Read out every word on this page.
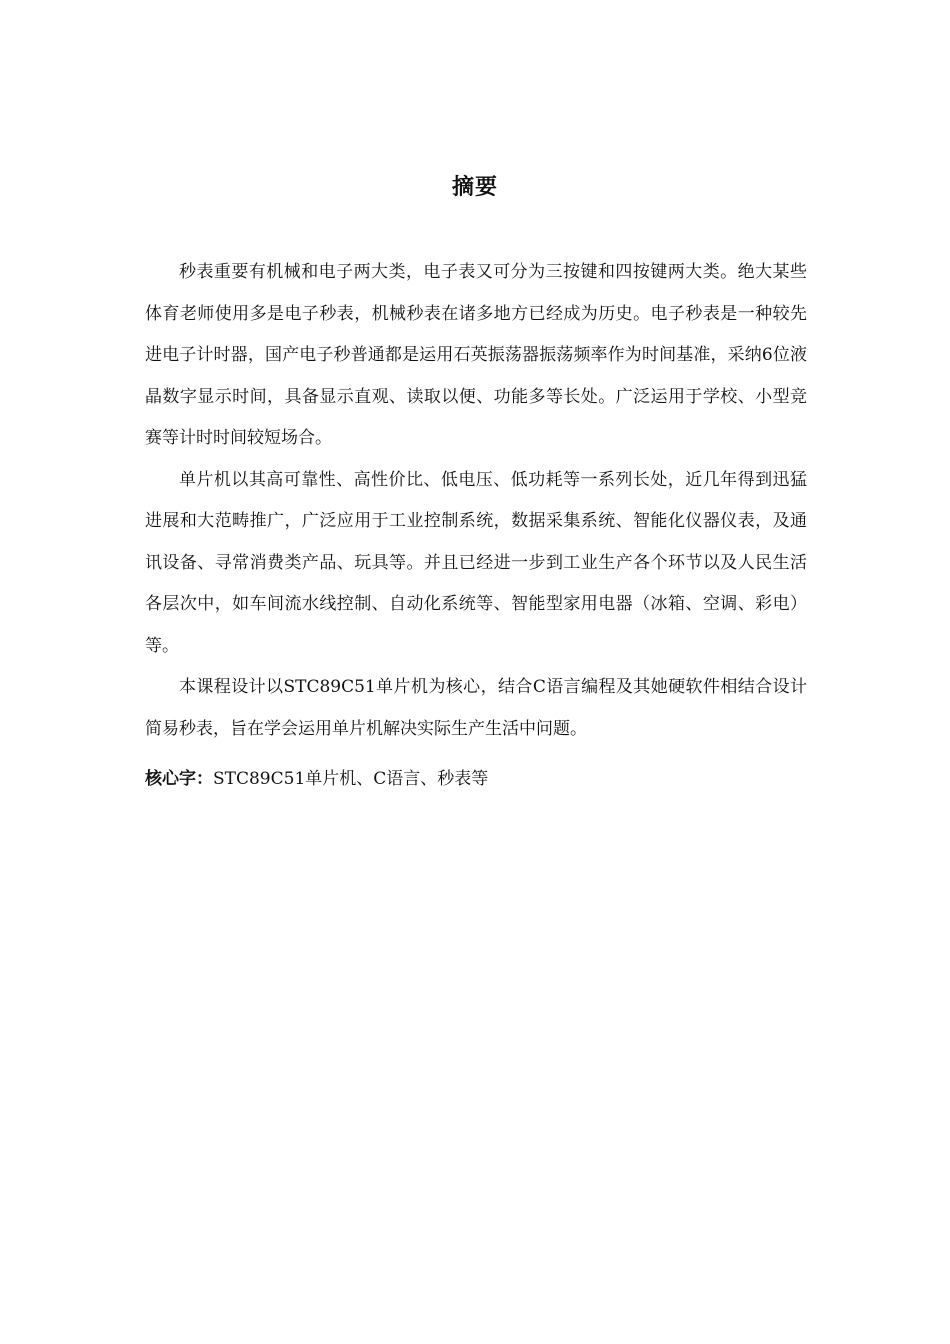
摘要

秒表重要有机械和电子两大类，电子表又可分为三按键和四按键两大类。绝大某些体育老师使用多是电子秒表，机械秒表在诸多地方已经成为历史。电子秒表是一种较先进电子计时器，国产电子秒普通都是运用石英振荡器振荡频率作为时间基准，采纳6位液晶数字显示时间，具备显示直观、读取以便、功能多等长处。广泛运用于学校、小型竞赛等计时时间较短场合。

单片机以其高可靠性、高性价比、低电压、低功耗等一系列长处，近几年得到迅猛进展和大范畴推广，广泛应用于工业控制系统，数据采集系统、智能化仪器仪表，及通讯设备、寻常消费类产品、玩具等。并且已经进一步到工业生产各个环节以及人民生活各层次中，如车间流水线控制、自动化系统等、智能型家用电器（冰箱、空调、彩电）等。

本课程设计以STC89C51单片机为核心，结合C语言编程及其她硬软件相结合设计简易秒表，旨在学会运用单片机解决实际生产生活中问题。

核心字：STC89C51单片机、C语言、秒表等
